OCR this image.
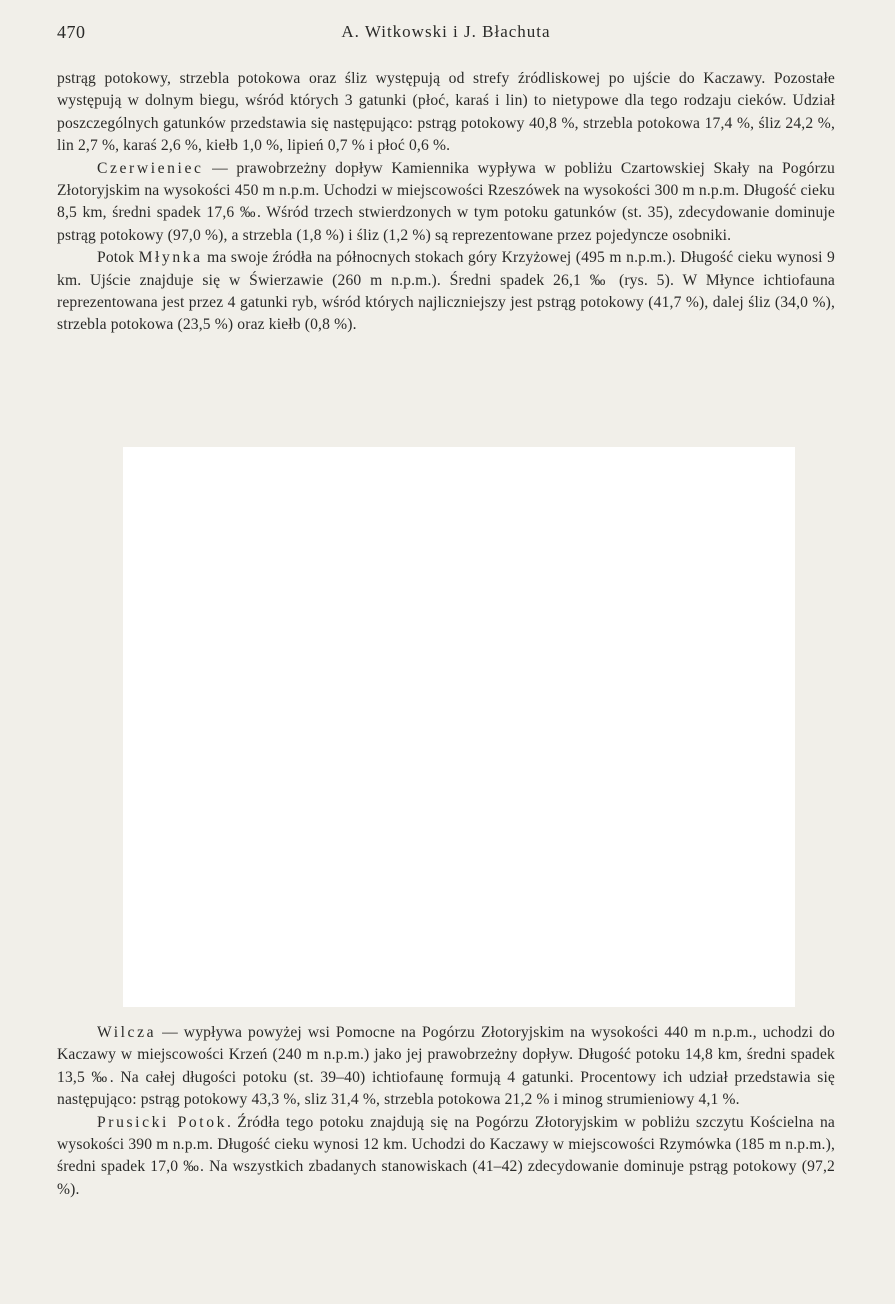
470	A. Witkowski i J. Błachuta

pstrąg potokowy, strzebla potokowa oraz śliz występują od strefy źródliskowej po ujście do Kaczawy. Pozostałe występują w dolnym biegu, wśród których 3 gatunki (płoć, karaś i lin) to nietypowe dla tego rodzaju cieków. Udział poszczególnych gatunków przedstawia się następująco: pstrąg potokowy 40,8 %, strzebla potokowa 17,4 %, śliz 24,2 %, lin 2,7 %, karaś 2,6 %, kiełb 1,0 %, lipień 0,7 % i płoć 0,6 %.

Czerwieniec — prawobrzeżny dopływ Kamiennika wypływa w pobliżu Czartowskiej Skały na Pogórzu Złotoryjskim na wysokości 450 m n.p.m. Uchodzi w miejscowości Rzeszówek na wysokości 300 m n.p.m. Długość cieku 8,5 km, średni spadek 17,6 ‰. Wśród trzech stwierdzonych w tym potoku gatunków (st. 35), zdecydowanie dominuje pstrąg potokowy (97,0 %), a strzebla (1,8 %) i śliz (1,2 %) są reprezentowane przez pojedyncze osobniki.

Potok Młynka ma swoje źródła na północnych stokach góry Krzyżowej (495 m n.p.m.). Długość cieku wynosi 9 km. Ujście znajduje się w Świerzawie (260 m n.p.m.). Średni spadek 26,1 ‰ (rys. 5). W Młynce ichtiofauna reprezentowana jest przez 4 gatunki ryb, wśród których najliczniejszy jest pstrąg potokowy (41,7 %), dalej śliz (34,0 %), strzebla potokowa (23,5 %) oraz kiełb (0,8 %).

Wilcza — wypływa powyżej wsi Pomocne na Pogórzu Złotoryjskim na wysokości 440 m n.p.m., uchodzi do Kaczawy w miejscowości Krzeń (240 m n.p.m.) jako jej prawobrzeżny dopływ. Długość potoku 14,8 km, średni spadek 13,5 ‰. Na całej długości potoku (st. 39–40) ichtiofaunę formują 4 gatunki. Procentowy ich udział przedstawia się następująco: pstrąg potokowy 43,3 %, sliz 31,4 %, strzebla potokowa 21,2 % i minog strumieniowy 4,1 %.

Prusicki Potok. Źródła tego potoku znajdują się na Pogórzu Złotoryjskim w pobliżu szczytu Kościelna na wysokości 390 m n.p.m. Długość cieku wynosi 12 km. Uchodzi do Kaczawy w miejscowości Rzymówka (185 m n.p.m.), średni spadek 17,0 ‰. Na wszystkich zbadanych stanowiskach (41–42) zdecydowanie dominuje pstrąg potokowy (97,2 %).
